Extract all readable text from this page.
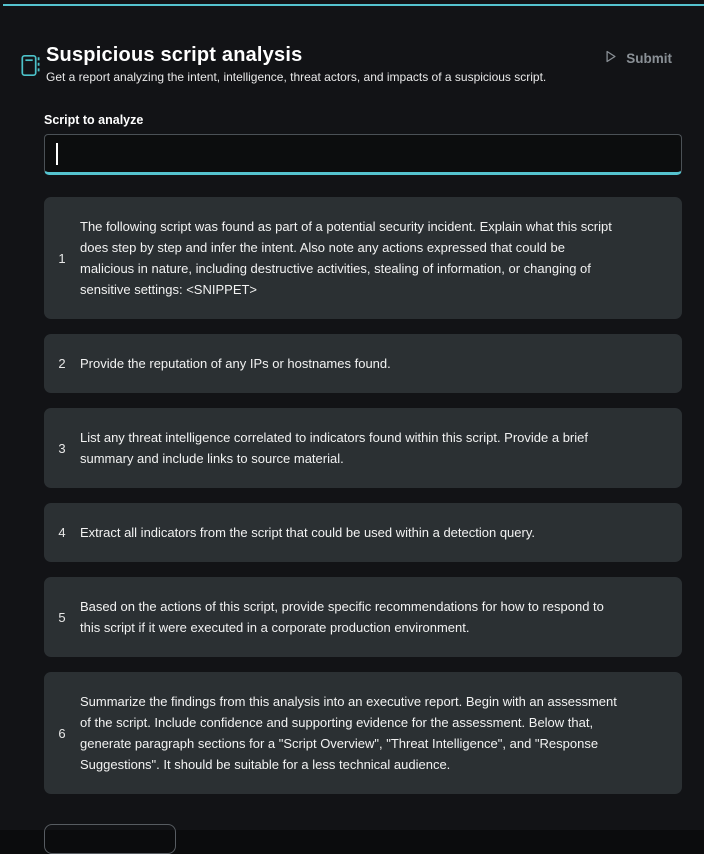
Suspicious script analysis

Get a report analyzing the intent, intelligence, threat actors, and impacts of a suspicious script.

Submit
Script to analyze
1
The following script was found as part of a potential security incident. Explain what this script does step by step and infer the intent. Also note any actions expressed that could be malicious in nature, including destructive activities, stealing of information, or changing of sensitive settings: <SNIPPET>
2	Provide the reputation of any IPs or hostnames found.
3
List any threat intelligence correlated to indicators found within this script. Provide a brief summary and include links to source material.
4	Extract all indicators from the script that could be used within a detection query.
5
Based on the actions of this script, provide specific recommendations for how to respond to this script if it were executed in a corporate production environment.
6
Summarize the findings from this analysis into an executive report. Begin with an assessment of the script. Include confidence and supporting evidence for the assessment. Below that, generate paragraph sections for a "Script Overview", "Threat Intelligence", and "Response Suggestions". It should be suitable for a less technical audience.
